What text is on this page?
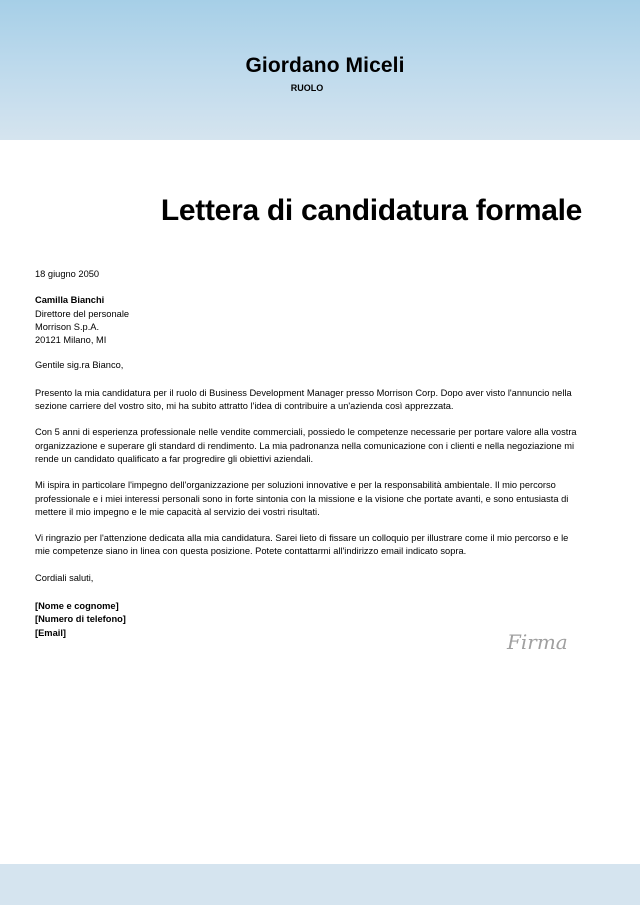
Giordano Miceli
RUOLO
Lettera di candidatura formale

18 giugno 2050

Camilla Bianchi

Direttore del personale

Morrison S.p.A.

20121 Milano, MI

Gentile sig.ra Bianco,

Presento la mia candidatura per il ruolo di Business Development Manager presso Morrison Corp. Dopo aver visto l'annuncio nella sezione carriere del vostro sito, mi ha subito attratto l'idea di contribuire a un'azienda così apprezzata.

Con 5 anni di esperienza professionale nelle vendite commerciali, possiedo le competenze necessarie per portare valore alla vostra organizzazione e superare gli standard di rendimento. La mia padronanza nella comunicazione con i clienti e nella negoziazione mi rende un candidato qualificato a far progredire gli obiettivi aziendali.

Mi ispira in particolare l'impegno dell'organizzazione per soluzioni innovative e per la responsabilità ambientale. Il mio percorso professionale e i miei interessi personali sono in forte sintonia con la missione e la visione che portate avanti, e sono entusiasta di mettere il mio impegno e le mie capacità al servizio dei vostri risultati.

Vi ringrazio per l'attenzione dedicata alla mia candidatura. Sarei lieto di fissare un colloquio per illustrare come il mio percorso e le mie competenze siano in linea con questa posizione. Potete contattarmi all'indirizzo email indicato sopra.

Cordiali saluti,

[Nome e cognome]

[Numero di telefono]

[Email]	Firma
